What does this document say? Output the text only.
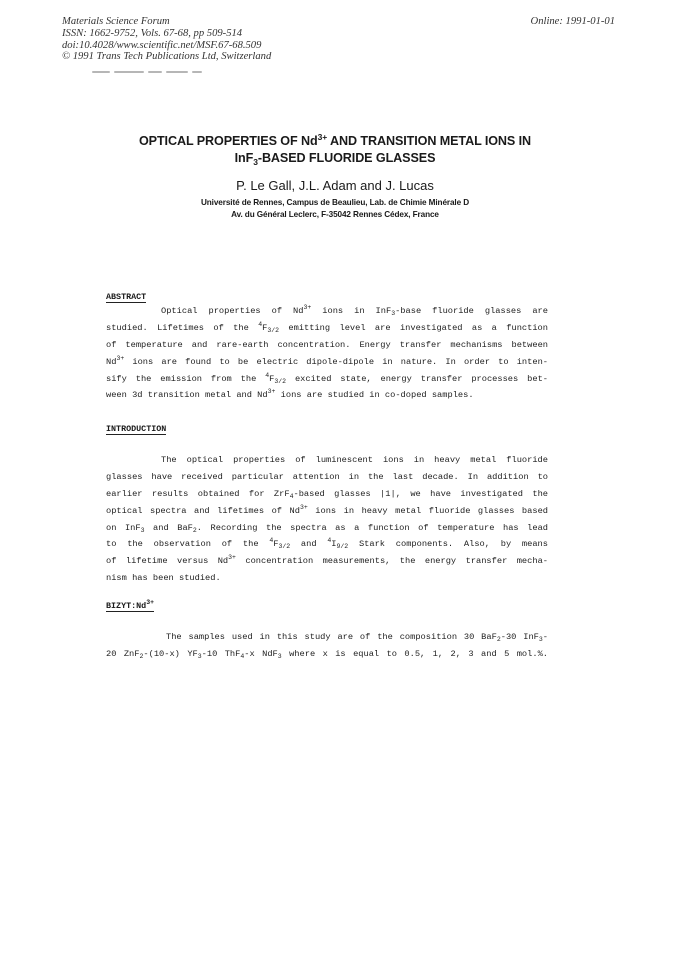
Materials Science Forum
ISSN: 1662-9752, Vols. 67-68, pp 509-514
doi:10.4028/www.scientific.net/MSF.67-68.509
© 1991 Trans Tech Publications Ltd, Switzerland
Online: 1991-01-01
OPTICAL PROPERTIES OF $Nd^{3+}$ AND TRANSITION METAL IONS IN
InF$_3$-BASED FLUORIDE GLASSES
P. Le Gall, J.L. Adam and J. Lucas
Université de Rennes, Campus de Beaulieu, Lab. de Chimie Minérale D
Av. du Général Leclerc, F-35042 Rennes Cédex, France
ABSTRACT
Optical properties of $Nd^{3+}$ ions in InF$_3$-base fluoride glasses are
studied. Lifetimes of the $^4F_{3/2}$ emitting level are investigated as a function
of temperature and rare-earth concentration. Energy transfer mechanisms between
$Nd^{3+}$ ions are found to be electric dipole-dipole in nature. In order to inten-
sify the emission from the $^4F_{3/2}$ excited state, energy transfer processes bet-
ween 3d transition metal and $Nd^{3+}$ ions are studied in co-doped samples.
INTRODUCTION
The optical properties of luminescent ions in heavy metal fluoride
glasses have received particular attention in the last decade. In addition to
earlier results obtained for ZrF$_4$-based glasses |1|, we have investigated the
optical spectra and lifetimes of $Nd^{3+}$ ions in heavy metal fluoride glasses based
on InF$_3$ and BaF$_2$. Recording the spectra as a function of temperature has lead
to the observation of the $^4F_{3/2}$ and $^4I_{9/2}$ Stark components. Also, by means
of lifetime versus $Nd^{3+}$ concentration measurements, the energy transfer mecha-
nism has been studied.
$BIZYT:Nd^{3+}$
The samples used in this study are of the composition 30 BaF$_2$-30 InF$_3$-
20 ZnF$_2$-(10-x) $YF_3-10$ ThF$_4$-x NdF$_3$ where x is equal to 0.5, 1, 2, 3 and 5 mol.%.
